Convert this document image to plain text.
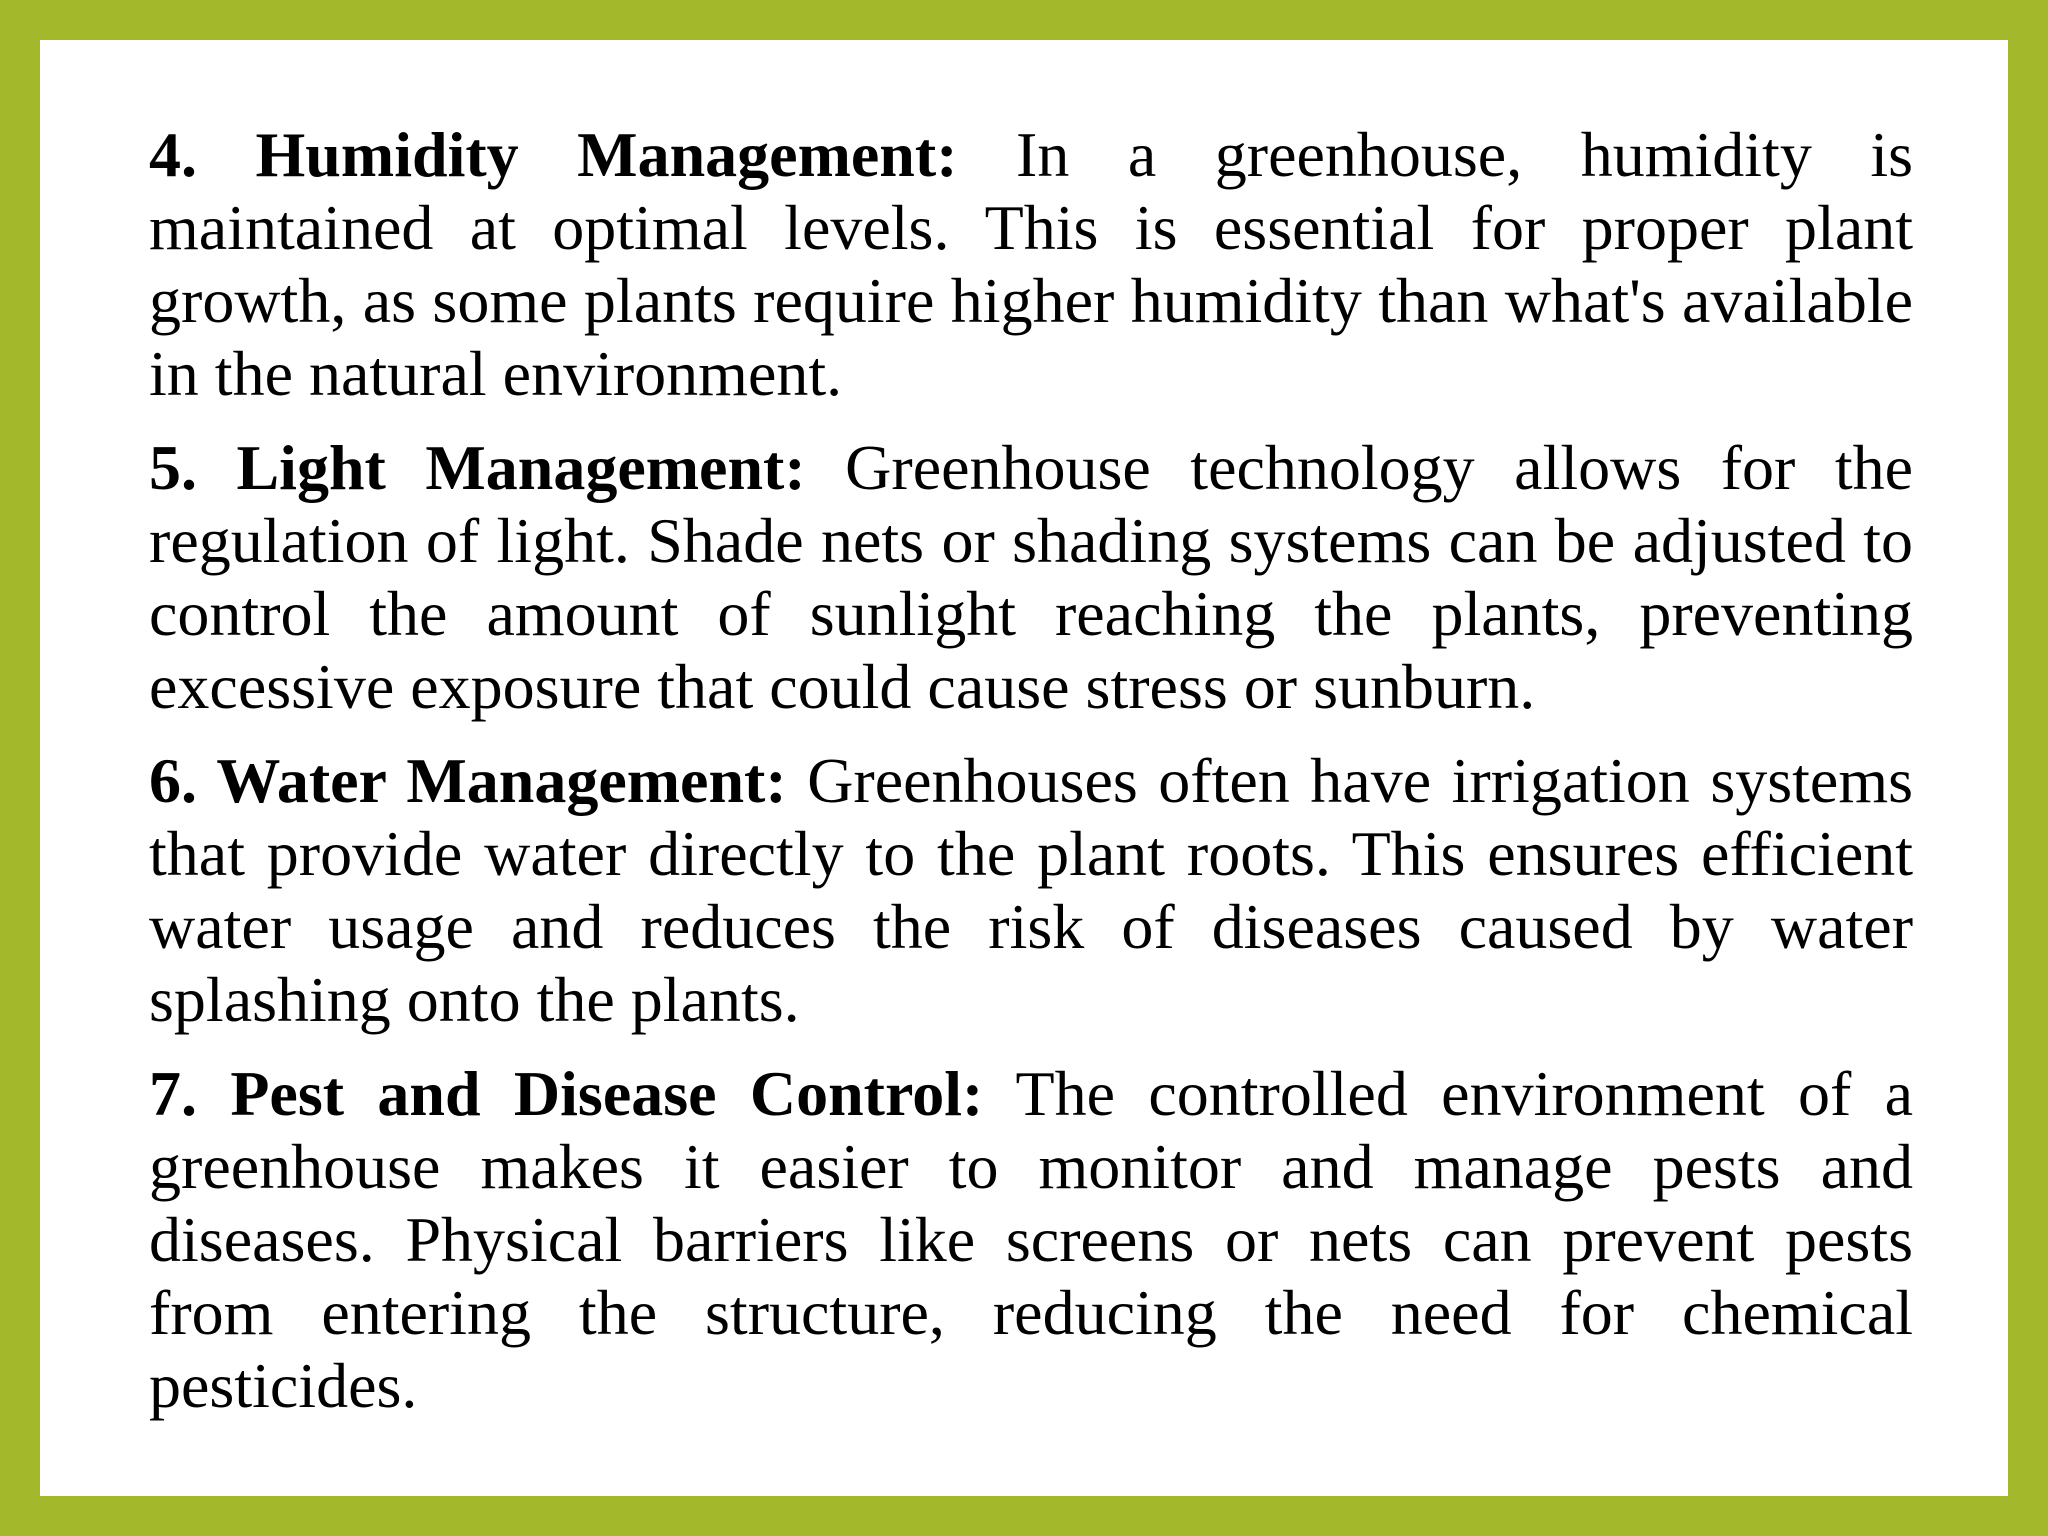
4. Humidity Management: In a greenhouse, humidity is maintained at optimal levels. This is essential for proper plant growth, as some plants require higher humidity than what's available in the natural environment.

5. Light Management: Greenhouse technology allows for the regulation of light. Shade nets or shading systems can be adjusted to control the amount of sunlight reaching the plants, preventing excessive exposure that could cause stress or sunburn.

6. Water Management: Greenhouses often have irrigation systems that provide water directly to the plant roots. This ensures efficient water usage and reduces the risk of diseases caused by water splashing onto the plants.

7. Pest and Disease Control: The controlled environment of a greenhouse makes it easier to monitor and manage pests and diseases. Physical barriers like screens or nets can prevent pests from entering the structure, reducing the need for chemical pesticides.
